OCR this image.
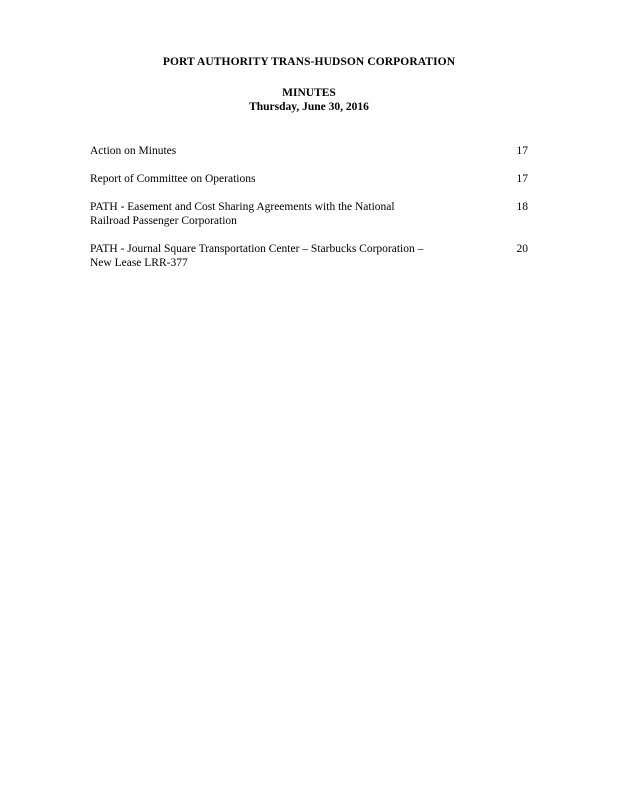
PORT AUTHORITY TRANS-HUDSON CORPORATION
MINUTES
Thursday, June 30, 2016
Action on Minutes	17
Report of Committee on Operations	17
PATH - Easement and Cost Sharing Agreements with the National
Railroad Passenger Corporation
18
PATH - Journal Square Transportation Center – Starbucks Corporation –
New Lease LRR-377
20
